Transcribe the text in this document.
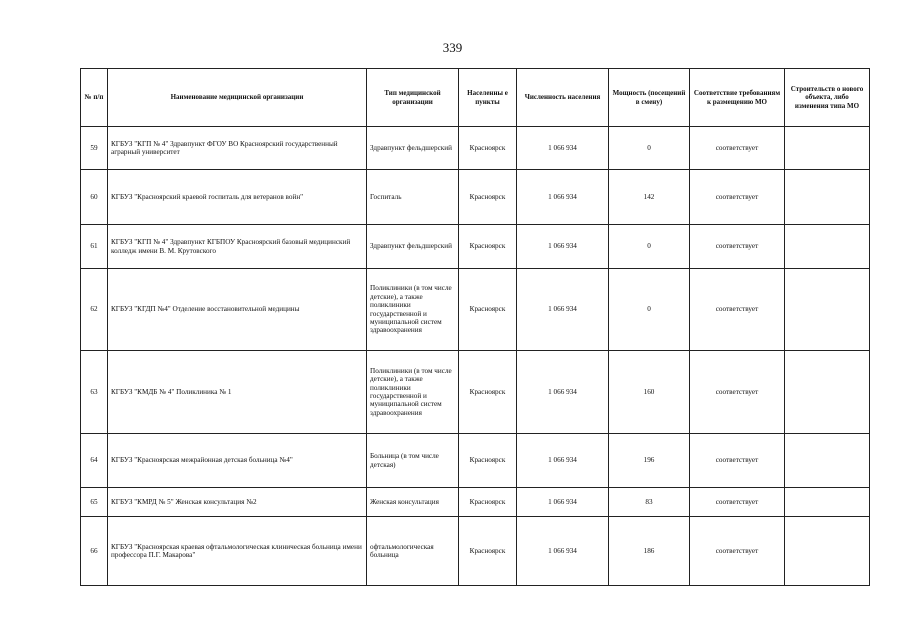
339
№ п/п	Наименование медицинской организации	Тип медицинской организации	Населенны е пункты	Численность населения	Мощность (посещений в смену)	Соответствие требованиям к размещению МО	Строительств о нового объекта, либо изменения типа МО
59	КГБУЗ "КГП № 4" Здравпункт ФГОУ ВО Красноярский государственный аграрный университет	Здравпункт фельдшерский	Красноярск	1 066 934	0	соответствует	
60	КГБУЗ "Красноярский краевой госпиталь для ветеранов войн"	Госпиталь	Красноярск	1 066 934	142	соответствует	
61	КГБУЗ "КГП № 4" Здравпункт КГБПОУ Красноярский базовый медицинский колледж имени В. М. Крутовского	Здравпункт фельдшерский	Красноярск	1 066 934	0	соответствует	
62	КГБУЗ "КГДП №4" Отделение восстановительной медицины	Поликлиники (в том числе детские), а также поликлиники государственной и муниципальной систем здравоохранения	Красноярск	1 066 934	0	соответствует	
63	КГБУЗ "КМДБ № 4" Поликлиника № 1	Поликлиники (в том числе детские), а также поликлиники государственной и муниципальной систем здравоохранения	Красноярск	1 066 934	160	соответствует	
64	КГБУЗ "Красноярская межрайонная детская больница №4"	Больница (в том числе детская)	Красноярск	1 066 934	196	соответствует	
65	КГБУЗ "КМРД № 5" Женская консультация №2	Женская консультация	Красноярск	1 066 934	83	соответствует	
66	КГБУЗ "Красноярская краевая офтальмологическая клиническая больница имени профессора П.Г. Макарова"	офтальмологическая больница	Красноярск	1 066 934	186	соответствует	
